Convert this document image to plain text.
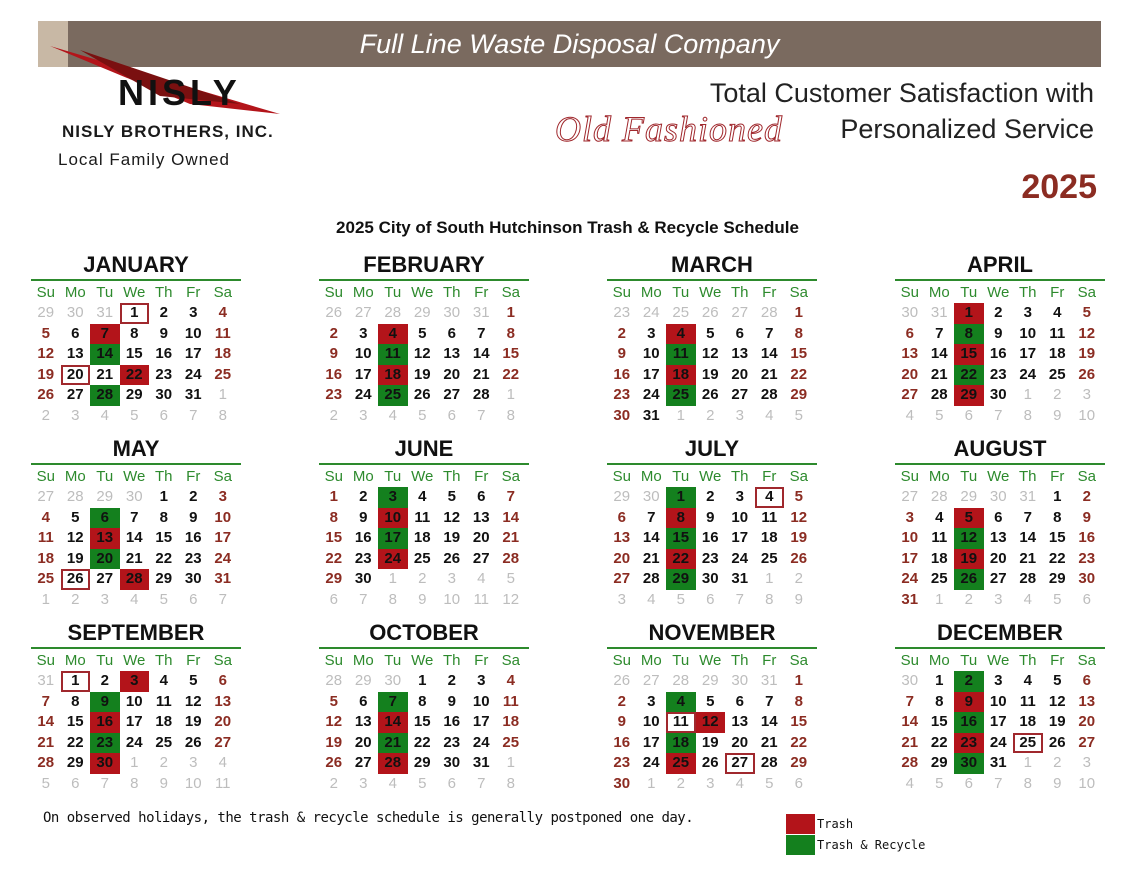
Full Line Waste Disposal Company
NISLY
NISLY BROTHERS, INC.
Local Family Owned
Total Customer Satisfaction with
Old Fashioned Personalized Service
2025
2025 City of South Hutchinson Trash & Recycle Schedule
JANUARY
Su Mo Tu We Th Fr Sa
29 30 31	1	2	3	4
5	6	7	8	9	10 11
12 13 14 15 16 17 18
19 20 21 22 23 24 25
26 27 28 29 30 31	1
2	3	4	5	6	7	8
FEBRUARY
Su Mo Tu We Th Fr Sa
26 27 28 29 30 31	1
2	3	4	5	6	7	8
9	10 11 12 13 14 15
16 17 18 19 20 21 22
23 24 25 26 27 28	1
2	3	4	5	6	7	8
MARCH
Su Mo Tu We Th Fr Sa
23 24 25 26 27 28	1
2	3	4	5	6	7	8
9	10 11 12 13 14 15
16 17 18 19 20 21 22
23 24 25 26 27 28 29
30 31	1	2	3	4	5
APRIL
Su Mo Tu We Th Fr Sa
30 31	1	2	3	4	5
6	7	8	9	10 11 12
13 14 15 16 17 18 19
20 21 22 23 24 25 26
27 28 29 30	1	2	3
4	5	6	7	8	9	10
MAY
Su Mo Tu We Th Fr Sa
27 28 29 30	1	2	3
4	5	6	7	8	9	10
11 12 13 14 15 16 17
18 19 20 21 22 23 24
25 26 27 28 29 30 31
1	2	3	4	5	6	7
JUNE
Su Mo Tu We Th Fr Sa
1	2	3	4	5	6	7
8	9	10 11 12 13 14
15 16 17 18 19 20 21
22 23 24 25 26 27 28
29 30	1	2	3	4	5
6	7	8	9	10 11 12
JULY
Su Mo Tu We Th Fr Sa
29 30	1	2	3	4	5
6	7	8	9	10 11 12
13 14 15 16 17 18 19
20 21 22 23 24 25 26
27 28 29 30 31	1	2
3	4	5	6	7	8	9
AUGUST
Su Mo Tu We Th Fr Sa
27 28 29 30 31	1	2
3	4	5	6	7	8	9
10 11 12 13 14 15 16
17 18 19 20 21 22 23
24 25 26 27 28 29 30
31	1	2	3	4	5	6
SEPTEMBER
Su Mo Tu We Th Fr Sa
31	1	2	3	4	5	6
7	8	9	10 11 12 13
14 15 16 17 18 19 20
21 22 23 24 25 26 27
28 29 30	1	2	3	4
5	6	7	8	9	10 11
OCTOBER
Su Mo Tu We Th Fr Sa
28 29 30	1	2	3	4
5	6	7	8	9	10 11
12 13 14 15 16 17 18
19 20 21 22 23 24 25
26 27 28 29 30 31	1
2	3	4	5	6	7	8
NOVEMBER
Su Mo Tu We Th Fr Sa
26 27 28 29 30 31	1
2	3	4	5	6	7	8
9	10 11 12 13 14 15
16 17 18 19 20 21 22
23 24 25 26 27 28 29
30	1	2	3	4	5	6
DECEMBER
Su Mo Tu We Th Fr Sa
30	1	2	3	4	5	6
7	8	9	10 11 12 13
14 15 16 17 18 19 20
21 22 23 24 25 26 27
28 29 30 31	1	2	3
4	5	6	7	8	9	10
On observed holidays, the trash & recycle schedule is generally postponed one day.	Trash
Trash & Recycle
